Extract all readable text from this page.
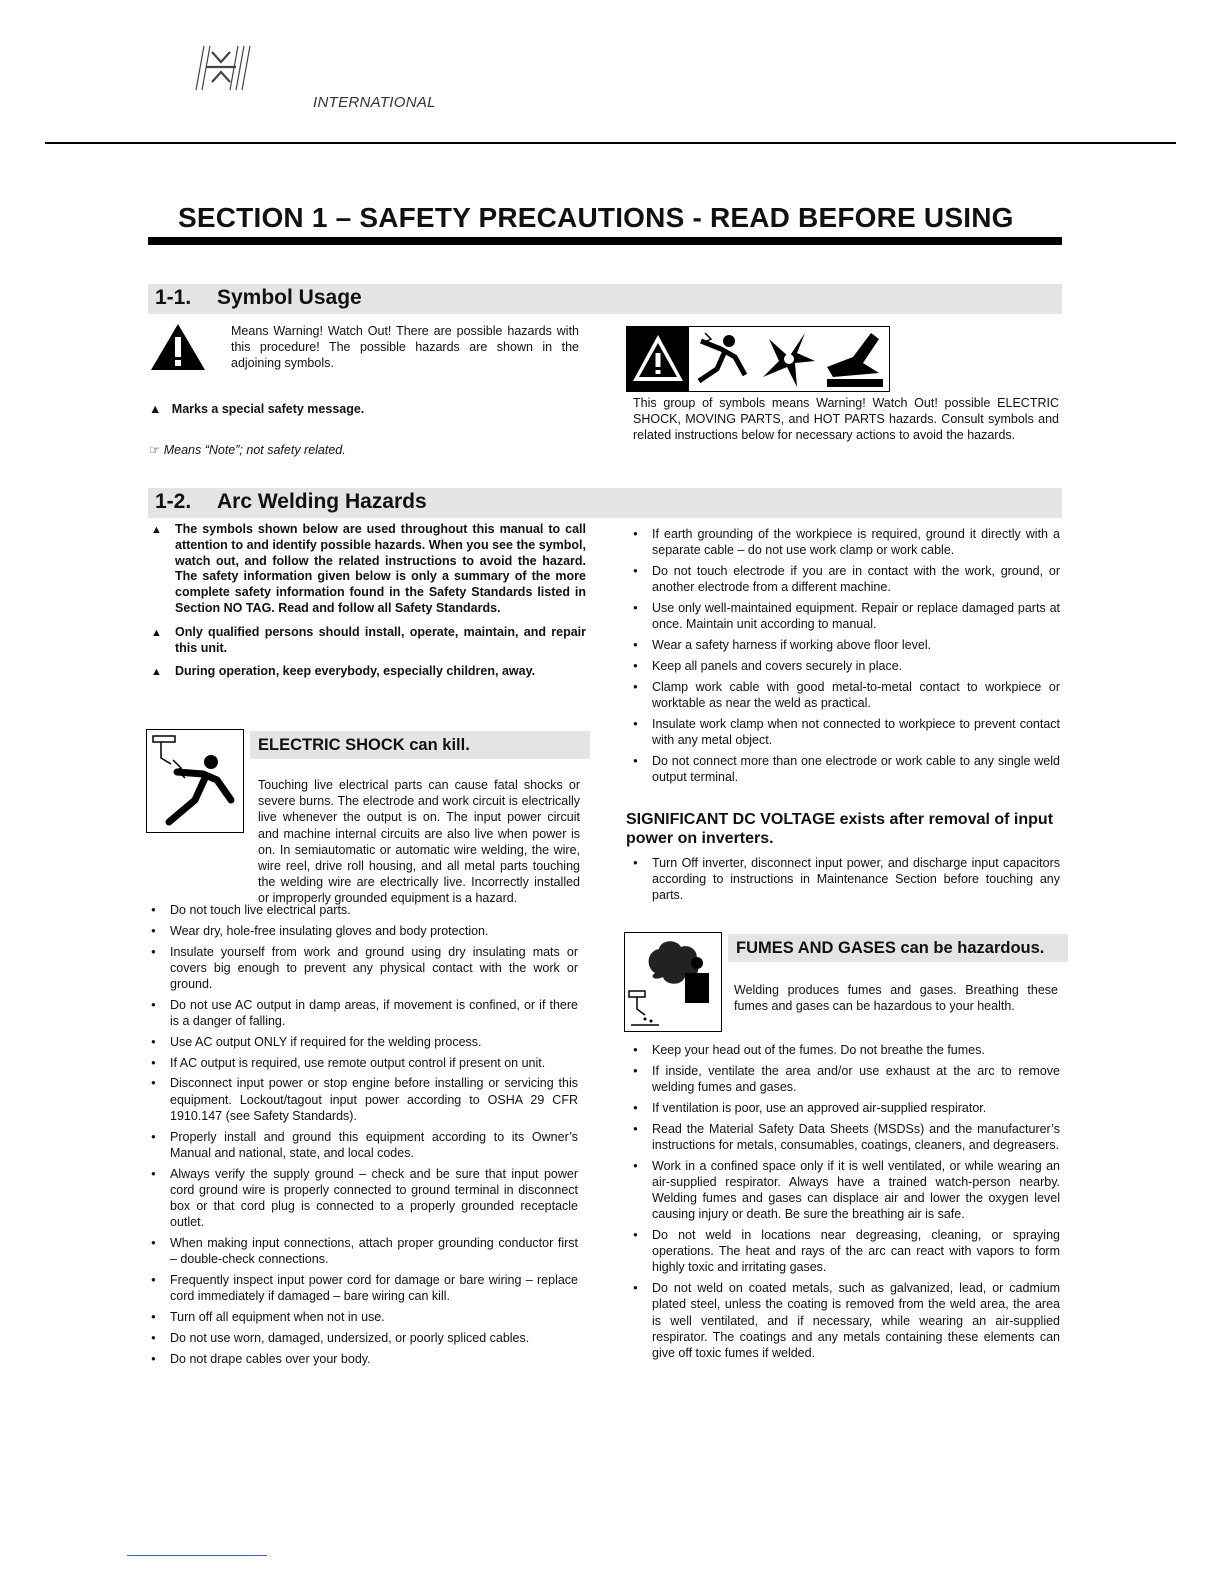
INTERNATIONAL
SECTION 1 – SAFETY PRECAUTIONS - READ BEFORE USING
1-1. Symbol Usage
Means Warning! Watch Out! There are possible hazards with this procedure! The possible hazards are shown in the adjoining symbols.
▲ Marks a special safety message.
☞ Means “Note”; not safety related.
This group of symbols means Warning! Watch Out! possible ELECTRIC SHOCK, MOVING PARTS, and HOT PARTS hazards. Consult symbols and related instructions below for necessary actions to avoid the hazards.
1-2. Arc Welding Hazards
▲ The symbols shown below are used throughout this manual to call attention to and identify possible hazards. When you see the symbol, watch out, and follow the related instructions to avoid the hazard. The safety information given below is only a summary of the more complete safety information found in the Safety Standards listed in Section NO TAG. Read and follow all Safety Standards.
▲ Only qualified persons should install, operate, maintain, and repair this unit.
▲ During operation, keep everybody, especially children, away.
ELECTRIC SHOCK can kill.
Touching live electrical parts can cause fatal shocks or severe burns. The electrode and work circuit is electrically live whenever the output is on. The input power circuit and machine internal circuits are also live when power is on. In semiautomatic or automatic wire welding, the wire, wire reel, drive roll housing, and all metal parts touching the welding wire are electrically live. Incorrectly installed or improperly grounded equipment is a hazard.
● Do not touch live electrical parts.
● Wear dry, hole-free insulating gloves and body protection.
● Insulate yourself from work and ground using dry insulating mats or covers big enough to prevent any physical contact with the work or ground.
● Do not use AC output in damp areas, if movement is confined, or if there is a danger of falling.
● Use AC output ONLY if required for the welding process.
● If AC output is required, use remote output control if present on unit.
● Disconnect input power or stop engine before installing or servicing this equipment. Lockout/tagout input power according to OSHA 29 CFR 1910.147 (see Safety Standards).
● Properly install and ground this equipment according to its Owner’s Manual and national, state, and local codes.
● Always verify the supply ground – check and be sure that input power cord ground wire is properly connected to ground terminal in disconnect box or that cord plug is connected to a properly grounded receptacle outlet.
● When making input connections, attach proper grounding conductor first – double-check connections.
● Frequently inspect input power cord for damage or bare wiring – replace cord immediately if damaged – bare wiring can kill.
● Turn off all equipment when not in use.
● Do not use worn, damaged, undersized, or poorly spliced cables.
● Do not drape cables over your body.
● If earth grounding of the workpiece is required, ground it directly with a separate cable – do not use work clamp or work cable.
● Do not touch electrode if you are in contact with the work, ground, or another electrode from a different machine.
● Use only well-maintained equipment. Repair or replace damaged parts at once. Maintain unit according to manual.
● Wear a safety harness if working above floor level.
● Keep all panels and covers securely in place.
● Clamp work cable with good metal-to-metal contact to workpiece or worktable as near the weld as practical.
● Insulate work clamp when not connected to workpiece to prevent contact with any metal object.
● Do not connect more than one electrode or work cable to any single weld output terminal.
SIGNIFICANT DC VOLTAGE exists after removal of input power on inverters.
● Turn Off inverter, disconnect input power, and discharge input capacitors according to instructions in Maintenance Section before touching any parts.
FUMES AND GASES can be hazardous.
Welding produces fumes and gases. Breathing these fumes and gases can be hazardous to your health.
● Keep your head out of the fumes. Do not breathe the fumes.
● If inside, ventilate the area and/or use exhaust at the arc to remove welding fumes and gases.
● If ventilation is poor, use an approved air-supplied respirator.
● Read the Material Safety Data Sheets (MSDSs) and the manufacturer’s instructions for metals, consumables, coatings, cleaners, and degreasers.
● Work in a confined space only if it is well ventilated, or while wearing an air-supplied respirator. Always have a trained watch-person nearby. Welding fumes and gases can displace air and lower the oxygen level causing injury or death. Be sure the breathing air is safe.
● Do not weld in locations near degreasing, cleaning, or spraying operations. The heat and rays of the arc can react with vapors to form highly toxic and irritating gases.
● Do not weld on coated metals, such as galvanized, lead, or cadmium plated steel, unless the coating is removed from the weld area, the area is well ventilated, and if necessary, while wearing an air-supplied respirator. The coatings and any metals containing these elements can give off toxic fumes if welded.
